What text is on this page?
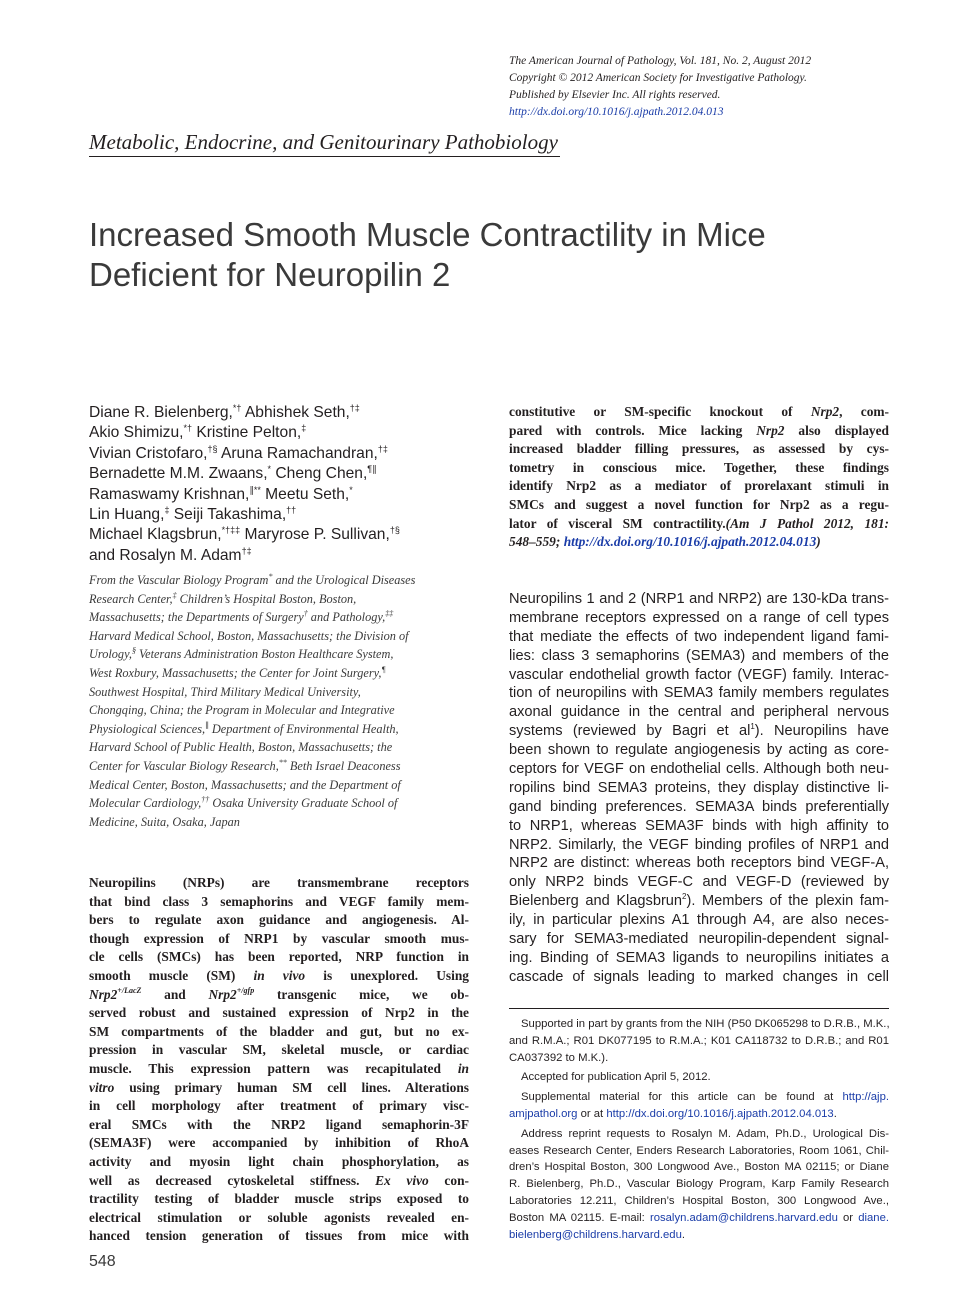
The American Journal of Pathology, Vol. 181, No. 2, August 2012
Copyright © 2012 American Society for Investigative Pathology.
Published by Elsevier Inc. All rights reserved.
http://dx.doi.org/10.1016/j.ajpath.2012.04.013
Metabolic, Endocrine, and Genitourinary Pathobiology
Increased Smooth Muscle Contractility in Mice
Deficient for Neuropilin 2
Diane R. Bielenberg,*† Abhishek Seth,†‡
Akio Shimizu,*† Kristine Pelton,‡
Vivian Cristofaro,†§ Aruna Ramachandran,†‡
Bernadette M.M. Zwaans,* Cheng Chen,¶∥
Ramaswamy Krishnan,∥** Meetu Seth,*
Lin Huang,‡ Seiji Takashima,††
Michael Klagsbrun,*†‡‡ Maryrose P. Sullivan,†§
and Rosalyn M. Adam†‡
From the Vascular Biology Program* and the Urological Diseases
Research Center,‡ Children’s Hospital Boston, Boston,
Massachusetts; the Departments of Surgery† and Pathology,‡‡
Harvard Medical School, Boston, Massachusetts; the Division of
Urology,§ Veterans Administration Boston Healthcare System,
West Roxbury, Massachusetts; the Center for Joint Surgery,¶
Southwest Hospital, Third Military Medical University,
Chongqing, China; the Program in Molecular and Integrative
Physiological Sciences,∥ Department of Environmental Health,
Harvard School of Public Health, Boston, Massachusetts; the
Center for Vascular Biology Research,** Beth Israel Deaconess
Medical Center, Boston, Massachusetts; and the Department of
Molecular Cardiology,†† Osaka University Graduate School of
Medicine, Suita, Osaka, Japan
Neuropilins (NRPs) are transmembrane receptors
that bind class 3 semaphorins and VEGF family mem-
bers to regulate axon guidance and angiogenesis. Al-
though expression of NRP1 by vascular smooth mus-
cle cells (SMCs) has been reported, NRP function in
smooth muscle (SM) in vivo is unexplored. Using
$Nrp2^{+/LacZ}$ and $Nrp2^{+/gfp}$ transgenic mice, we ob-
served robust and sustained expression of Nrp2 in the
SM compartments of the bladder and gut, but no ex-
pression in vascular SM, skeletal muscle, or cardiac
muscle. This expression pattern was recapitulated in
vitro using primary human SM cell lines. Alterations
in cell morphology after treatment of primary visc-
eral SMCs with the NRP2 ligand semaphorin-3F
(SEMA3F) were accompanied by inhibition of RhoA
activity and myosin light chain phosphorylation, as
well as decreased cytoskeletal stiffness. Ex vivo con-
tractility testing of bladder muscle strips exposed to
electrical stimulation or soluble agonists revealed en-
hanced tension generation of tissues from mice with
constitutive or SM-specific knockout of Nrp2, com-
pared with controls. Mice lacking Nrp2 also displayed
increased bladder filling pressures, as assessed by cys-
tometry in conscious mice. Together, these findings
identify Nrp2 as a mediator of prorelaxant stimuli in
SMCs and suggest a novel function for Nrp2 as a regu-
lator of visceral SM contractility.(Am J Pathol 2012, 181:
548–559; http://dx.doi.org/10.1016/j.ajpath.2012.04.013)
Neuropilins 1 and 2 (NRP1 and NRP2) are 130-kDa trans-
membrane receptors expressed on a range of cell types
that mediate the effects of two independent ligand fami-
lies: class 3 semaphorins (SEMA3) and members of the
vascular endothelial growth factor (VEGF) family. Interac-
tion of neuropilins with SEMA3 family members regulates
axonal guidance in the central and peripheral nervous
systems (reviewed by Bagri et $al^1$). Neuropilins have
been shown to regulate angiogenesis by acting as core-
ceptors for VEGF on endothelial cells. Although both neu-
ropilins bind SEMA3 proteins, they display distinctive li-
gand binding preferences. SEMA3A binds preferentially
to NRP1, whereas SEMA3F binds with high affinity to
NRP2. Similarly, the VEGF binding profiles of NRP1 and
NRP2 are distinct: whereas both receptors bind VEGF-A,
only NRP2 binds VEGF-C and VEGF-D (reviewed by
Bielenberg and Klagsbrun$^2$). Members of the plexin fam-
ily, in particular plexins A1 through A4, are also neces-
sary for SEMA3-mediated neuropilin-dependent signal-
ing. Binding of SEMA3 ligands to neuropilins initiates a
cascade of signals leading to marked changes in cell
Supported in part by grants from the NIH (P50 DK065298 to D.R.B., M.K.,
and R.M.A.; R01 DK077195 to R.M.A.; K01 CA118732 to D.R.B.; and R01
CA037392 to M.K.).
Accepted for publication April 5, 2012.
Supplemental material for this article can be found at http://ajp.
amjpathol.org or at http://dx.doi.org/10.1016/j.ajpath.2012.04.013.
Address reprint requests to Rosalyn M. Adam, Ph.D., Urological Dis-
eases Research Center, Enders Research Laboratories, Room 1061, Chil-
dren’s Hospital Boston, 300 Longwood Ave., Boston MA 02115; or Diane
R. Bielenberg, Ph.D., Vascular Biology Program, Karp Family Research
Laboratories 12.211, Children’s Hospital Boston, 300 Longwood Ave.,
Boston MA 02115. E-mail: rosalyn.adam@childrens.harvard.edu or diane.
bielenberg@childrens.harvard.edu.
548
